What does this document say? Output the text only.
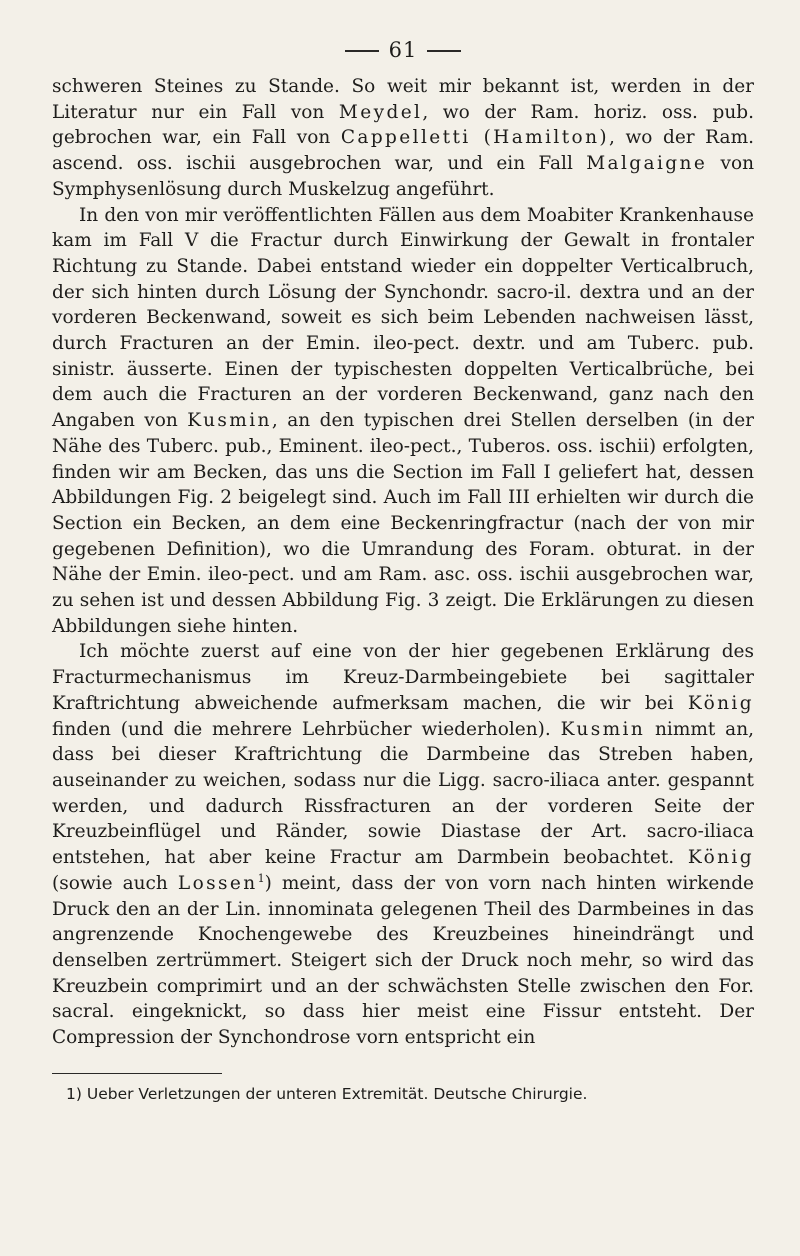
61

schweren Steines zu Stande. So weit mir bekannt ist, werden in der Literatur nur ein Fall von Meydel, wo der Ram. horiz. oss. pub. gebrochen war, ein Fall von Cappelletti (Hamilton), wo der Ram. ascend. oss. ischii ausgebrochen war, und ein Fall Malgaigne von Symphysenlösung durch Muskelzug angeführt.

In den von mir veröffentlichten Fällen aus dem Moabiter Krankenhause kam im Fall V die Fractur durch Einwirkung der Gewalt in frontaler Richtung zu Stande. Dabei entstand wieder ein doppelter Verticalbruch, der sich hinten durch Lösung der Synchondr. sacro-il. dextra und an der vorderen Beckenwand, soweit es sich beim Lebenden nachweisen lässt, durch Fracturen an der Emin. ileo-pect. dextr. und am Tuberc. pub. sinistr. äusserte. Einen der typischesten doppelten Verticalbrüche, bei dem auch die Fracturen an der vorderen Beckenwand, ganz nach den Angaben von Kusmin, an den typischen drei Stellen derselben (in der Nähe des Tuberc. pub., Eminent. ileo-pect., Tuberos. oss. ischii) erfolgten, finden wir am Becken, das uns die Section im Fall I geliefert hat, dessen Abbildungen Fig. 2 beigelegt sind. Auch im Fall III erhielten wir durch die Section ein Becken, an dem eine Beckenringfractur (nach der von mir gegebenen Definition), wo die Umrandung des Foram. obturat. in der Nähe der Emin. ileo-pect. und am Ram. asc. oss. ischii ausgebrochen war, zu sehen ist und dessen Abbildung Fig. 3 zeigt. Die Erklärungen zu diesen Abbildungen siehe hinten.

Ich möchte zuerst auf eine von der hier gegebenen Erklärung des Fracturmechanismus im Kreuz-Darmbeingebiete bei sagittaler Kraftrichtung abweichende aufmerksam machen, die wir bei König finden (und die mehrere Lehrbücher wiederholen). Kusmin nimmt an, dass bei dieser Kraftrichtung die Darmbeine das Streben haben, auseinander zu weichen, sodass nur die Ligg. sacro-iliaca anter. gespannt werden, und dadurch Rissfracturen an der vorderen Seite der Kreuzbeinflügel und Ränder, sowie Diastase der Art. sacro-iliaca entstehen, hat aber keine Fractur am Darmbein beobachtet. König (sowie auch Lossen$^1$) meint, dass der von vorn nach hinten wirkende Druck den an der Lin. innominata gelegenen Theil des Darmbeines in das angrenzende Knochengewebe des Kreuzbeines hineindrängt und denselben zertrümmert. Steigert sich der Druck noch mehr, so wird das Kreuzbein comprimirt und an der schwächsten Stelle zwischen den For. sacral. eingeknickt, so dass hier meist eine Fissur entsteht. Der Compression der Synchondrose vorn entspricht ein

1) Ueber Verletzungen der unteren Extremität. Deutsche Chirurgie.
